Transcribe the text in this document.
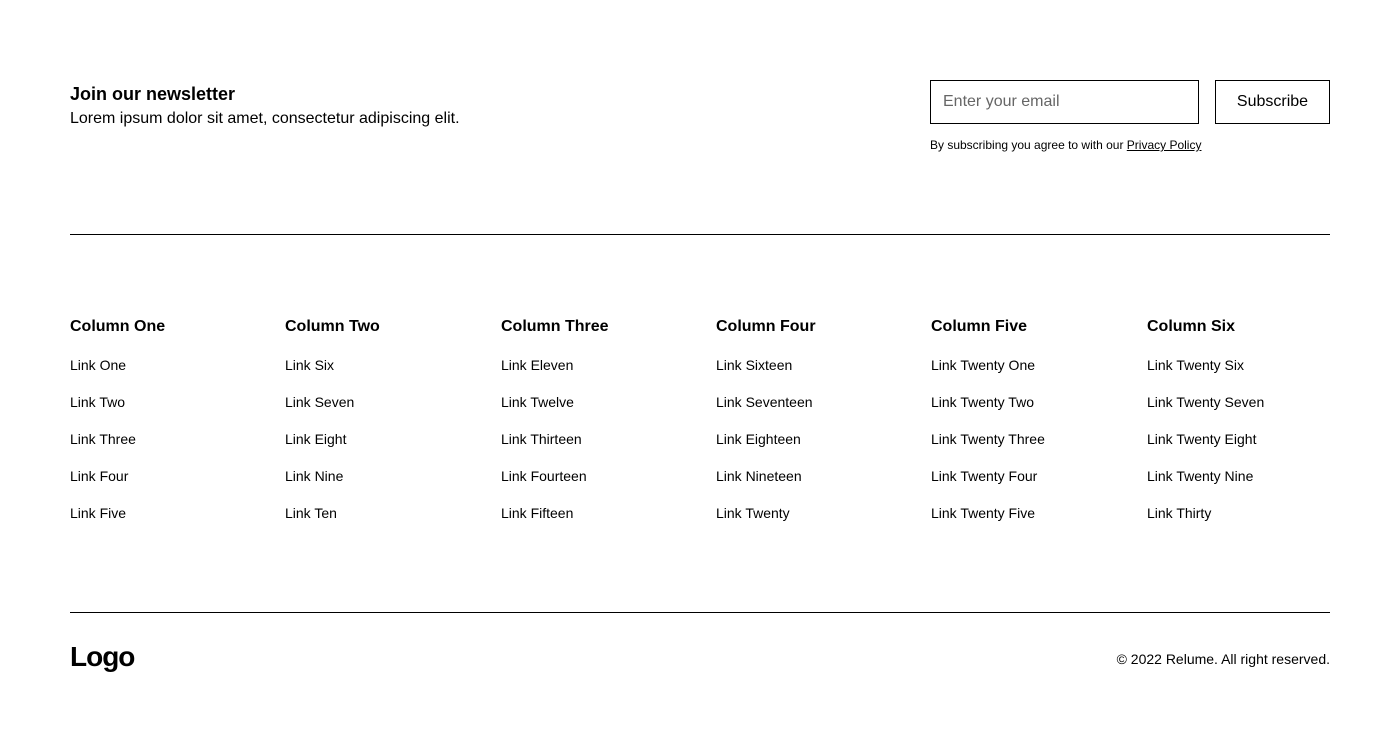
Join our newsletter

Lorem ipsum dolor sit amet, consectetur adipiscing elit.

Enter your email
Subscribe
By subscribing you agree to with our Privacy Policy
Column One
Link One
Link Two
Link Three
Link Four
Link Five
Column Two
Link Six
Link Seven
Link Eight
Link Nine
Link Ten
Column Three
Link Eleven
Link Twelve
Link Thirteen
Link Fourteen
Link Fifteen
Column Four
Link Sixteen
Link Seventeen
Link Eighteen
Link Nineteen
Link Twenty
Column Five
Link Twenty One
Link Twenty Two
Link Twenty Three
Link Twenty Four
Link Twenty Five
Column Six
Link Twenty Six
Link Twenty Seven
Link Twenty Eight
Link Twenty Nine
Link Thirty
Logo	© 2022 Relume. All right reserved.
